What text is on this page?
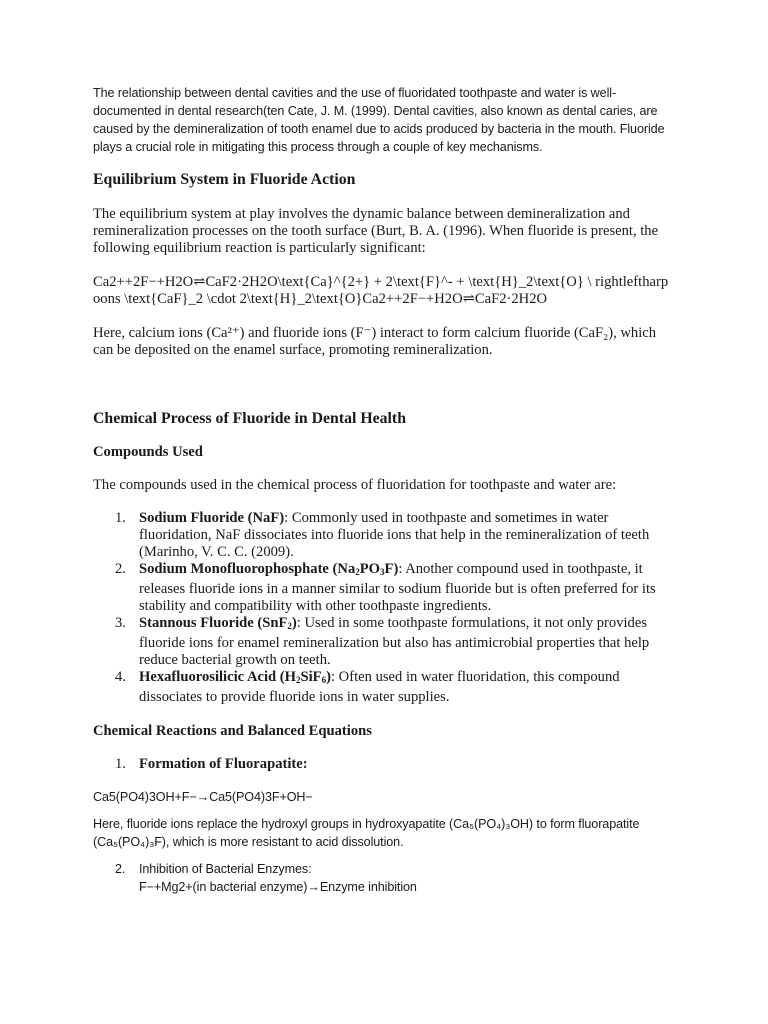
The relationship between dental cavities and the use of fluoridated toothpaste and water is well-documented in dental research(ten Cate, J. M. (1999). Dental cavities, also known as dental caries, are caused by the demineralization of tooth enamel due to acids produced by bacteria in the mouth. Fluoride plays a crucial role in mitigating this process through a couple of key mechanisms.

Equilibrium System in Fluoride Action

The equilibrium system at play involves the dynamic balance between demineralization and remineralization processes on the tooth surface (Burt, B. A. (1996). When fluoride is present, the following equilibrium reaction is particularly significant:

Ca2++2F−+H2O⇌CaF2·2H2O\text{Ca}^{2+} + 2\text{F}^- + \text{H}_2\text{O} \ rightleftharpoons \text{CaF}_2 \cdot 2\text{H}_2\text{O}Ca2++2F−+H2O⇌CaF2·2H2O

Here, calcium ions (Ca²⁺) and fluoride ions (F⁻) interact to form calcium fluoride (CaF₂), which can be deposited on the enamel surface, promoting remineralization.

Chemical Process of Fluoride in Dental Health
Compounds Used

The compounds used in the chemical process of fluoridation for toothpaste and water are:

1. Sodium Fluoride (NaF): Commonly used in toothpaste and sometimes in water fluoridation, NaF dissociates into fluoride ions that help in the remineralization of teeth (Marinho, V. C. C. (2009).
2. Sodium Monofluorophosphate $(Na_2PO_3F)$: Another compound used in toothpaste, it releases fluoride ions in a manner similar to sodium fluoride but is often preferred for its stability and compatibility with other toothpaste ingredients.
3. Stannous Fluoride (SnF$_2$): Used in some toothpaste formulations, it not only provides fluoride ions for enamel remineralization but also has antimicrobial properties that help reduce bacterial growth on teeth.
4. Hexafluorosilicic Acid $(H_2SiF_6)$: Often used in water fluoridation, this compound dissociates to provide fluoride ions in water supplies.
Chemical Reactions and Balanced Equations
1. Formation of Fluorapatite:

Ca5(PO4)3OH+F−→Ca5(PO4)3F+OH−

Here, fluoride ions replace the hydroxyl groups in hydroxyapatite (Ca₅(PO₄)₃OH) to form fluorapatite (Ca₅(PO₄)₃F), which is more resistant to acid dissolution.

2. Inhibition of Bacterial Enzymes:
F−+Mg2+(in bacterial enzyme)→Enzyme inhibition
